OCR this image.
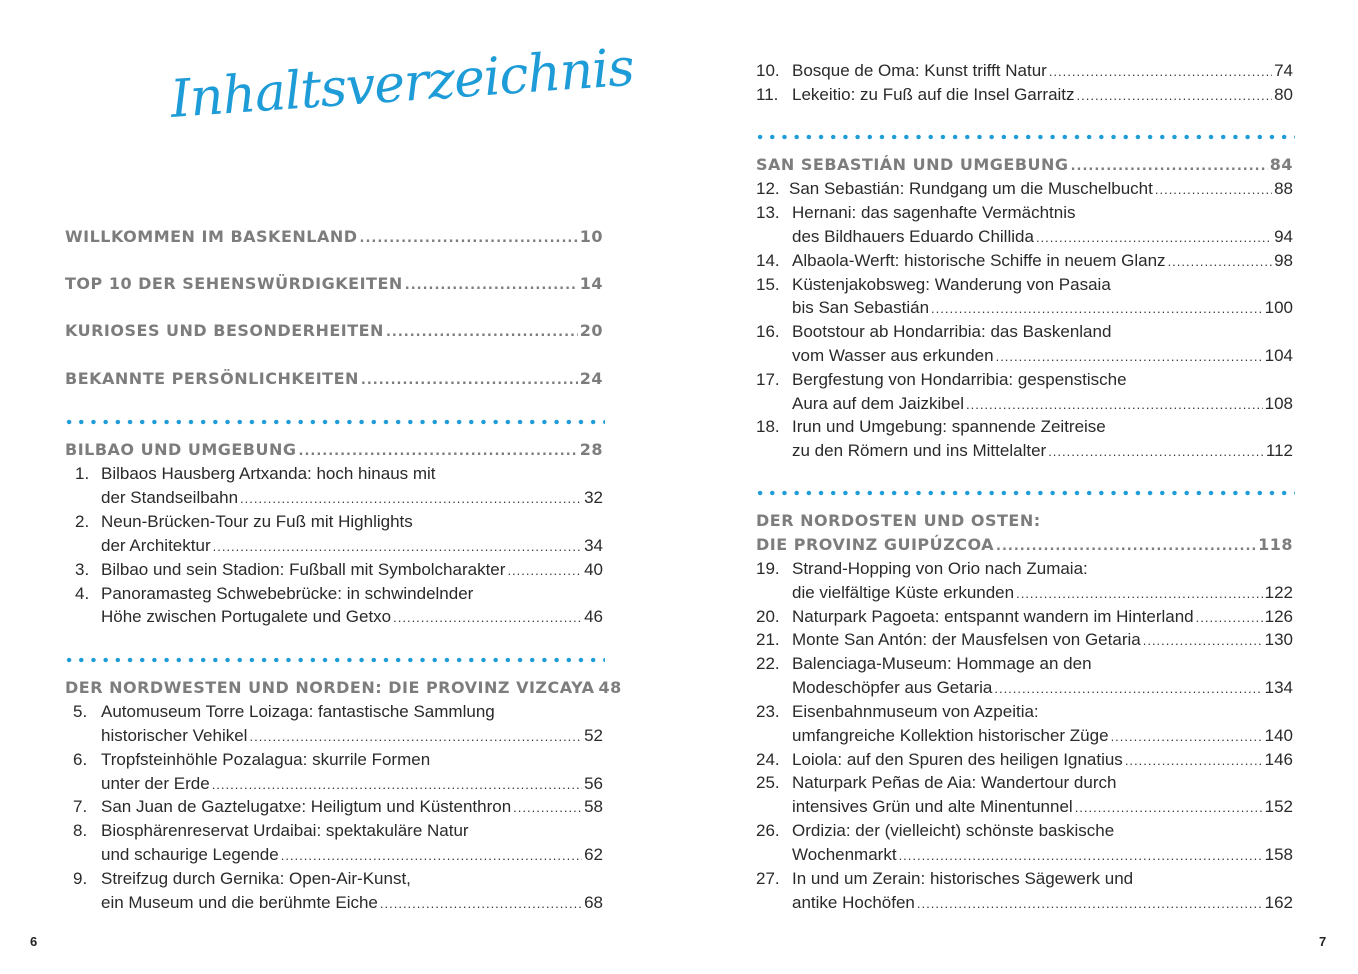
Inhaltsverzeichnis
WILLKOMMEN IM BASKENLAND .....	10
TOP 10 DER SEHENSWÜRDIGKEITEN .....	14
KURIOSES UND BESONDERHEITEN .....	20
BEKANNTE PERSÖNLICHKEITEN .....	24
BILBAO UND UMGEBUNG .....	28
1. Bilbaos Hausberg Artxanda: hoch hinaus mit
der Standseilbahn .....	32
2. Neun-Brücken-Tour zu Fuß mit Highlights
der Architektur .....	34
3. Bilbao und sein Stadion: Fußball mit Symbolcharakter .....	40
4. Panoramasteg Schwebebrücke: in schwindelnder
Höhe zwischen Portugalete und Getxo .....	46
DER NORDWESTEN UND NORDEN: DIE PROVINZ VIZCAYA 48
5. Automuseum Torre Loizaga: fantastische Sammlung
historischer Vehikel .....	52
6. Tropfsteinhöhle Pozalagua: skurrile Formen
unter der Erde .....	56
7. San Juan de Gaztelugatxe: Heiligtum und Küstenthron .....	58
8. Biosphärenreservat Urdaibai: spektakuläre Natur
und schaurige Legende .....	62
9. Streifzug durch Gernika: Open-Air-Kunst,
ein Museum und die berühmte Eiche .....	68
6
10. Bosque de Oma: Kunst trifft Natur .....	74
11. Lekeitio: zu Fuß auf die Insel Garraitz .....	80
SAN SEBASTIÁN UND UMGEBUNG .....	84
12. San Sebastián: Rundgang um die Muschelbucht .....	88
13. Hernani: das sagenhafte Vermächtnis
des Bildhauers Eduardo Chillida .....	94
14. Albaola-Werft: historische Schiffe in neuem Glanz .....	98
15. Küstenjakobsweg: Wanderung von Pasaia
bis San Sebastián .....	100
16. Bootstour ab Hondarribia: das Baskenland
vom Wasser aus erkunden .....	104
17. Bergfestung von Hondarribia: gespenstische
Aura auf dem Jaizkibel .....	108
18. Irun und Umgebung: spannende Zeitreise
zu den Römern und ins Mittelalter .....	112
DER NORDOSTEN UND OSTEN:
DIE PROVINZ GUIPÚZCOA .....	118
19. Strand-Hopping von Orio nach Zumaia:
die vielfältige Küste erkunden .....	122
20. Naturpark Pagoeta: entspannt wandern im Hinterland .....	126
21. Monte San Antón: der Mausfelsen von Getaria .....	130
22. Balenciaga-Museum: Hommage an den
Modeschöpfer aus Getaria .....	134
23. Eisenbahnmuseum von Azpeitia:
umfangreiche Kollektion historischer Züge .....	140
24. Loiola: auf den Spuren des heiligen Ignatius .....	146
25. Naturpark Peñas de Aia: Wandertour durch
intensives Grün und alte Minentunnel .....	152
26. Ordizia: der (vielleicht) schönste baskische
Wochenmarkt .....	158
27. In und um Zerain: historisches Sägewerk und
antike Hochöfen .....	162
7
